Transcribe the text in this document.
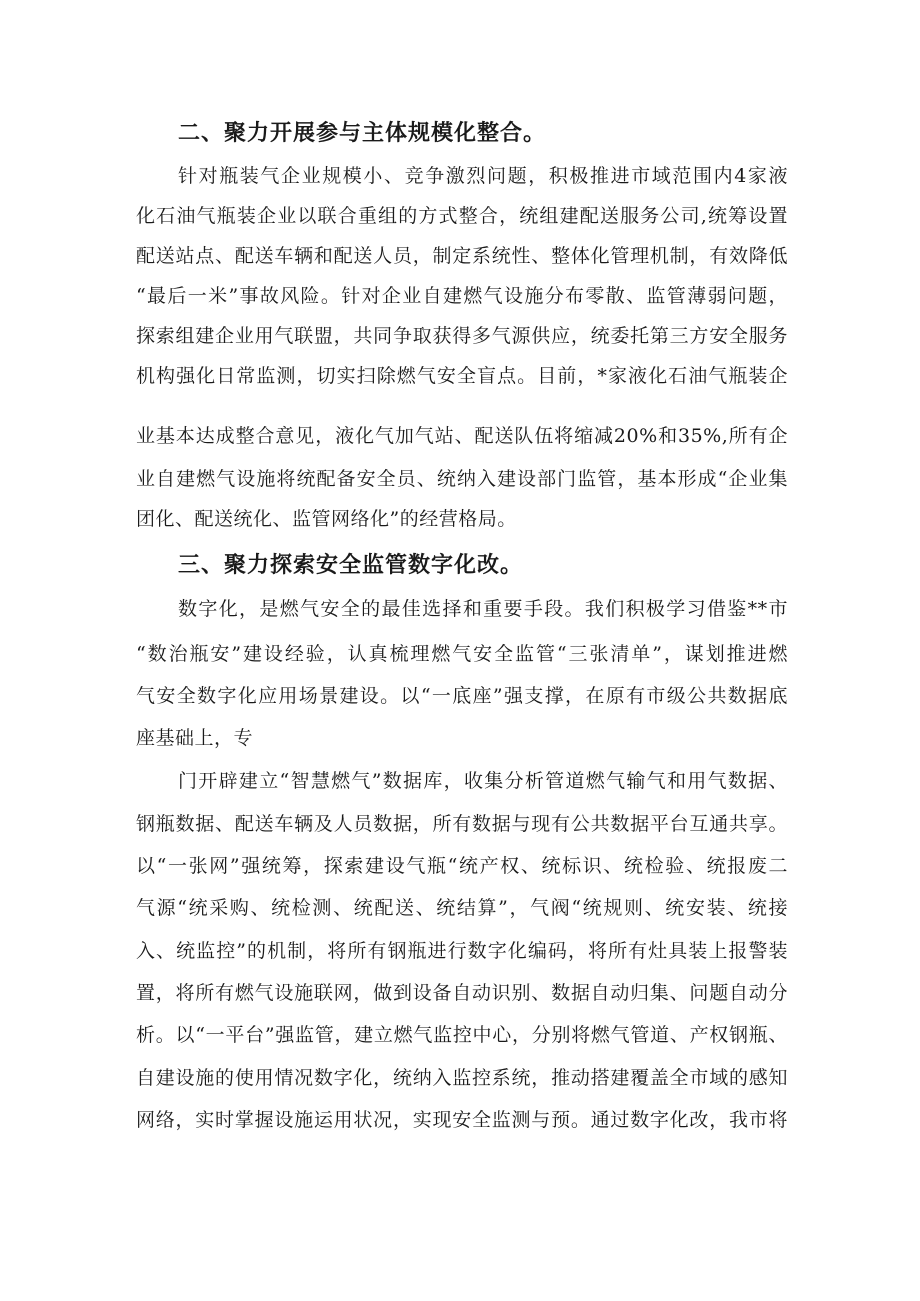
二、聚力开展参与主体规模化整合。
针对瓶装气企业规模小、竞争激烈问题，积极推进市域范围内4家液
化石油气瓶装企业以联合重组的方式整合，统组建配送服务公司,统筹设置
配送站点、配送车辆和配送人员，制定系统性、整体化管理机制，有效降低
“最后一米”事故风险。针对企业自建燃气设施分布零散、监管薄弱问题，
探索组建企业用气联盟，共同争取获得多气源供应，统委托第三方安全服务
机构强化日常监测，切实扫除燃气安全盲点。目前，*家液化石油气瓶装企
业基本达成整合意见，液化气加气站、配送队伍将缩减20%和35%,所有企
业自建燃气设施将统配备安全员、统纳入建设部门监管，基本形成“企业集
团化、配送统化、监管网络化”的经营格局。
三、聚力探索安全监管数字化改。
数字化，是燃气安全的最佳选择和重要手段。我们积极学习借鉴**市
“数治瓶安”建设经验，认真梳理燃气安全监管“三张清单”，谋划推进燃
气安全数字化应用场景建设。以“一底座”强支撑，在原有市级公共数据底
座基础上，专
门开辟建立“智慧燃气”数据库，收集分析管道燃气输气和用气数据、
钢瓶数据、配送车辆及人员数据，所有数据与现有公共数据平台互通共享。
以“一张网”强统筹，探索建设气瓶“统产权、统标识、统检验、统报废二
气源“统采购、统检测、统配送、统结算”，气阀“统规则、统安装、统接
入、统监控”的机制，将所有钢瓶进行数字化编码，将所有灶具装上报警装
置，将所有燃气设施联网，做到设备自动识别、数据自动归集、问题自动分
析。以“一平台”强监管，建立燃气监控中心，分别将燃气管道、产权钢瓶、
自建设施的使用情况数字化，统纳入监控系统，推动搭建覆盖全市域的感知
网络，实时掌握设施运用状况，实现安全监测与预。通过数字化改，我市将
